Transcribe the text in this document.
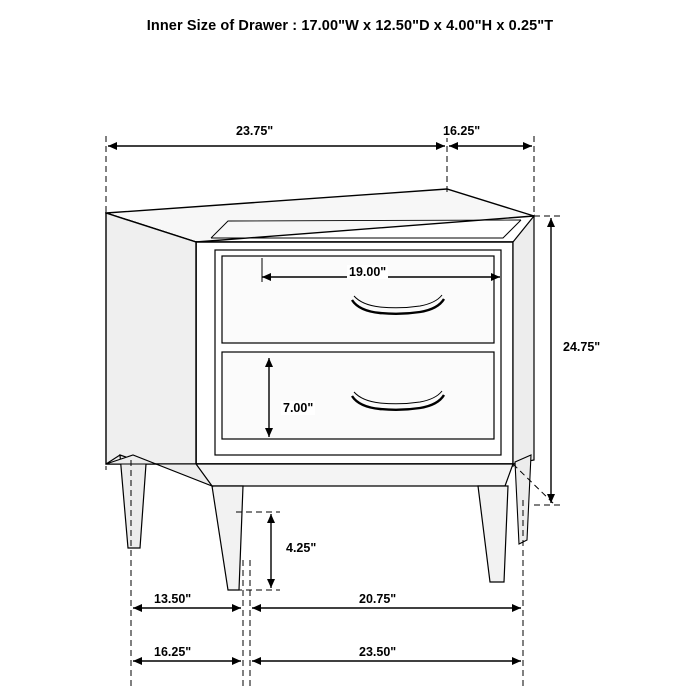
Inner Size of Drawer : 17.00"W x 12.50"D x 4.00"H x 0.25"T
23.75"	16.25"
19.00"
24.75"
7.00"
4.25"
13.50"	20.75"
16.25"	23.50"
